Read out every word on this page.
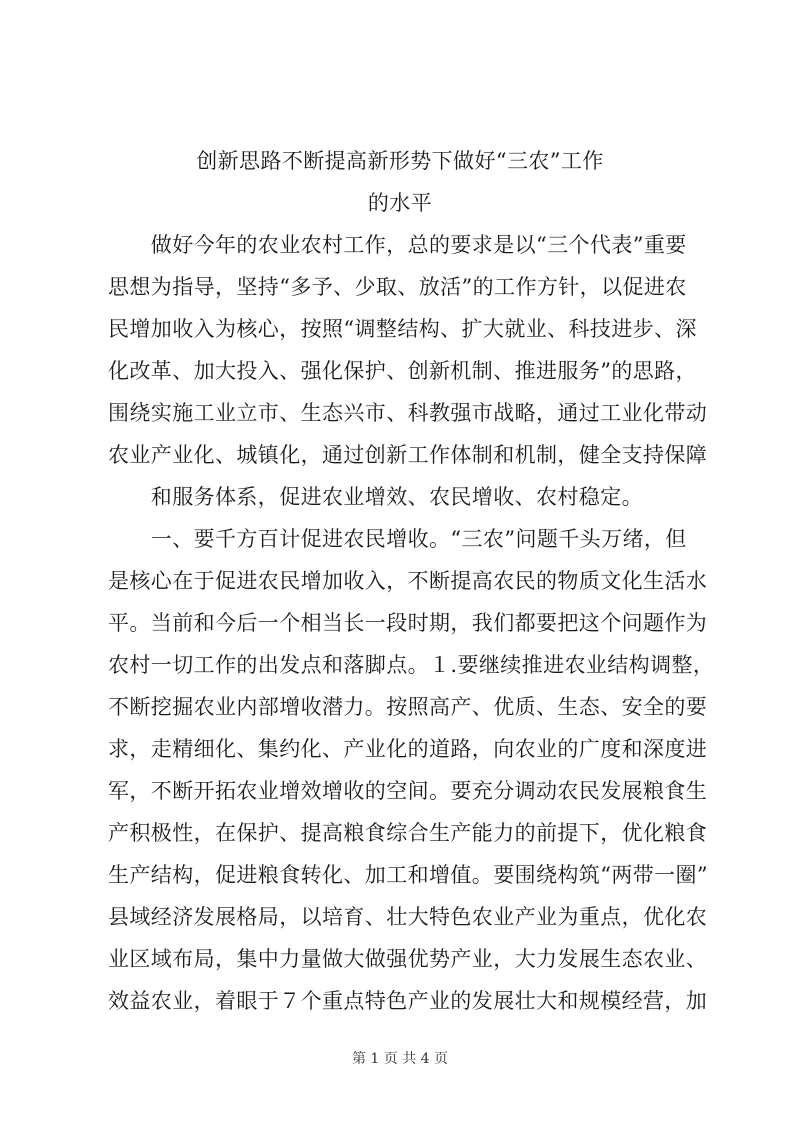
创新思路不断提高新形势下做好“三农”工作
的水平
　　做好今年的农业农村工作，总的要求是以“三个代表”重要
思想为指导，坚持“多予、少取、放活”的工作方针，以促进农
民增加收入为核心，按照“调整结构、扩大就业、科技进步、深
化改革、加大投入、强化保护、创新机制、推进服务”的思路，
围绕实施工业立市、生态兴市、科教强市战略，通过工业化带动
农业产业化、城镇化，通过创新工作体制和机制，健全支持保障
　　和服务体系，促进农业增效、农民增收、农村稳定。
　　一、要千方百计促进农民增收。“三农”问题千头万绪，但
是核心在于促进农民增加收入，不断提高农民的物质文化生活水
平。当前和今后一个相当长一段时期，我们都要把这个问题作为
农村一切工作的出发点和落脚点。１.要继续推进农业结构调整，
不断挖掘农业内部增收潜力。按照高产、优质、生态、安全的要
求，走精细化、集约化、产业化的道路，向农业的广度和深度进
军，不断开拓农业增效增收的空间。要充分调动农民发展粮食生
产积极性，在保护、提高粮食综合生产能力的前提下，优化粮食
生产结构，促进粮食转化、加工和增值。要围绕构筑“两带一圈”
县域经济发展格局，以培育、壮大特色农业产业为重点，优化农
业区域布局，集中力量做大做强优势产业，大力发展生态农业、
效益农业，着眼于７个重点特色产业的发展壮大和规模经营，加
第 1 页 共 4 页
